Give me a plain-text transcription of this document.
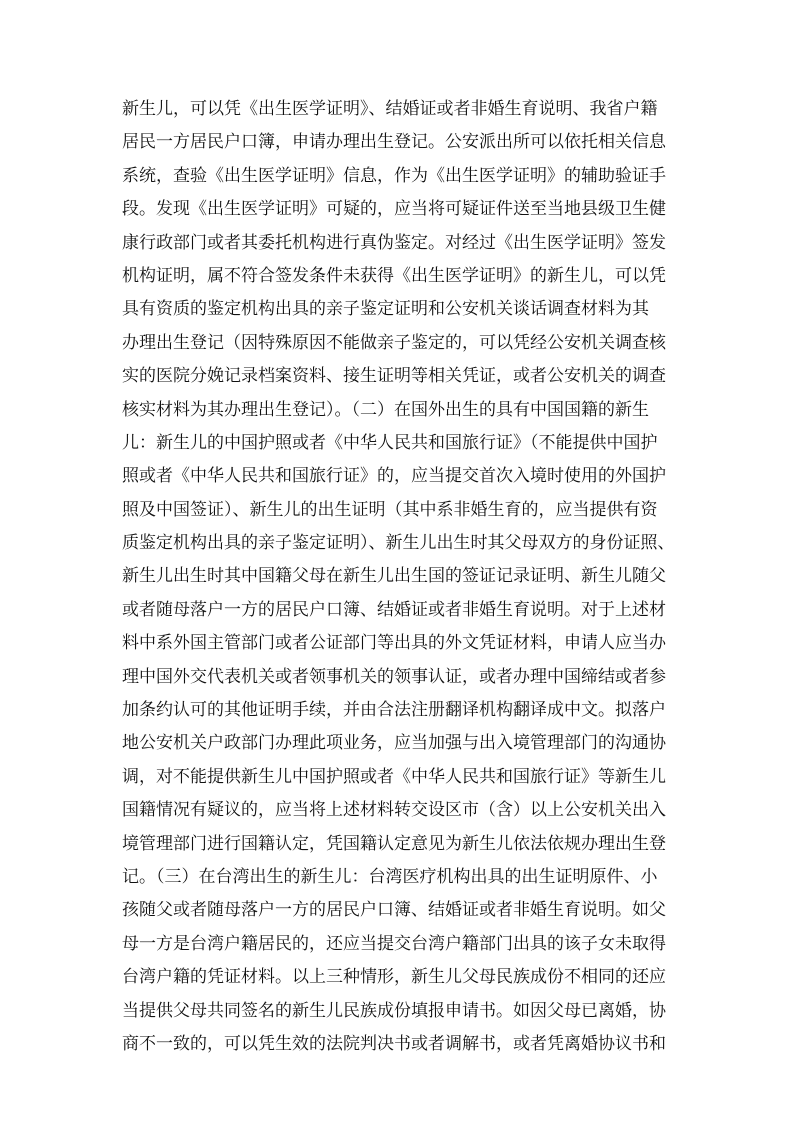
新生儿，可以凭《出生医学证明》、结婚证或者非婚生育说明、我省户籍
居民一方居民户口簿，申请办理出生登记。公安派出所可以依托相关信息
系统，查验《出生医学证明》信息，作为《出生医学证明》的辅助验证手
段。发现《出生医学证明》可疑的，应当将可疑证件送至当地县级卫生健
康行政部门或者其委托机构进行真伪鉴定。对经过《出生医学证明》签发
机构证明，属不符合签发条件未获得《出生医学证明》的新生儿，可以凭
具有资质的鉴定机构出具的亲子鉴定证明和公安机关谈话调查材料为其
办理出生登记（因特殊原因不能做亲子鉴定的，可以凭经公安机关调查核
实的医院分娩记录档案资料、接生证明等相关凭证，或者公安机关的调查
核实材料为其办理出生登记）。（二）在国外出生的具有中国国籍的新生
儿：新生儿的中国护照或者《中华人民共和国旅行证》（不能提供中国护
照或者《中华人民共和国旅行证》的，应当提交首次入境时使用的外国护
照及中国签证）、新生儿的出生证明（其中系非婚生育的，应当提供有资
质鉴定机构出具的亲子鉴定证明）、新生儿出生时其父母双方的身份证照、
新生儿出生时其中国籍父母在新生儿出生国的签证记录证明、新生儿随父
或者随母落户一方的居民户口簿、结婚证或者非婚生育说明。对于上述材
料中系外国主管部门或者公证部门等出具的外文凭证材料，申请人应当办
理中国外交代表机关或者领事机关的领事认证，或者办理中国缔结或者参
加条约认可的其他证明手续，并由合法注册翻译机构翻译成中文。拟落户
地公安机关户政部门办理此项业务，应当加强与出入境管理部门的沟通协
调，对不能提供新生儿中国护照或者《中华人民共和国旅行证》等新生儿
国籍情况有疑议的，应当将上述材料转交设区市（含）以上公安机关出入
境管理部门进行国籍认定，凭国籍认定意见为新生儿依法依规办理出生登
记。（三）在台湾出生的新生儿：台湾医疗机构出具的出生证明原件、小
孩随父或者随母落户一方的居民户口簿、结婚证或者非婚生育说明。如父
母一方是台湾户籍居民的，还应当提交台湾户籍部门出具的该子女未取得
台湾户籍的凭证材料。以上三种情形，新生儿父母民族成份不相同的还应
当提供父母共同签名的新生儿民族成份填报申请书。如因父母已离婚，协
商不一致的，可以凭生效的法院判决书或者调解书，或者凭离婚协议书和
